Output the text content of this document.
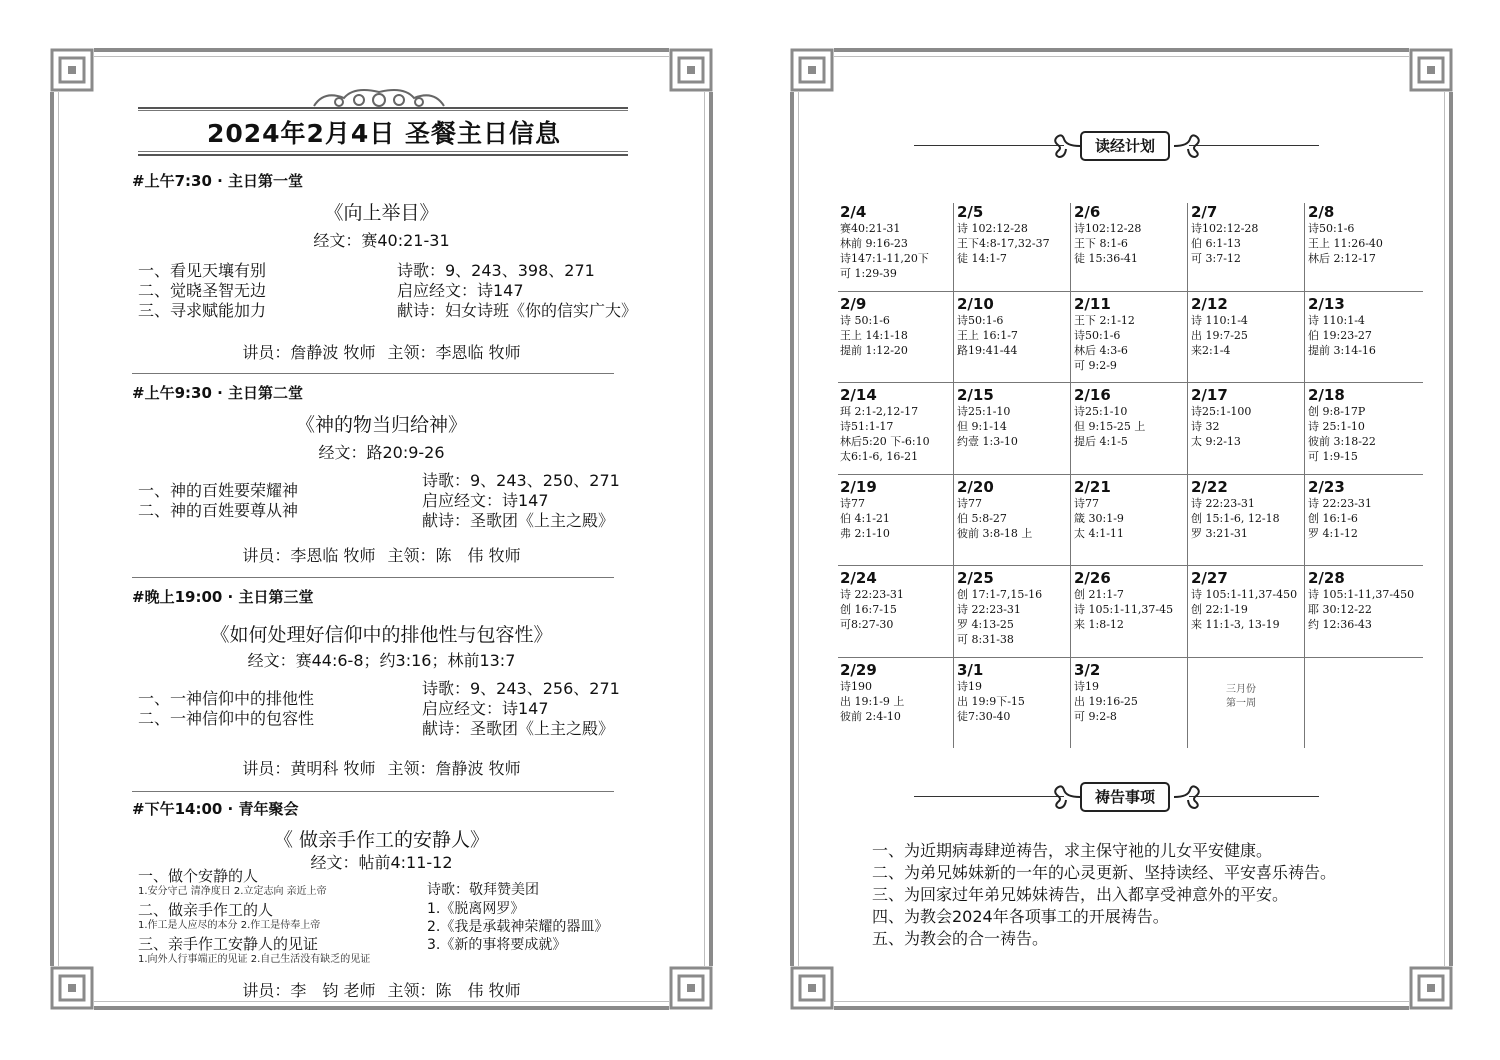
2024年2月4日 圣餐主日信息
#上午7:30 · 主日第一堂
《向上举目》
经文：赛40:21-31
一、看见天壤有别
二、觉晓圣智无边
三、寻求赋能加力
诗歌：9、243、398、271
启应经文：诗147
献诗：妇女诗班《你的信实广大》
讲员：詹静波 牧师 主领：李恩临 牧师
#上午9:30 · 主日第二堂
《神的物当归给神》
经文：路20:9-26
一、神的百姓要荣耀神
二、神的百姓要尊从神
诗歌：9、243、250、271
启应经文：诗147
献诗：圣歌团《上主之殿》
讲员：李恩临 牧师 主领：陈　伟 牧师
#晚上19:00 · 主日第三堂
《如何处理好信仰中的排他性与包容性》
经文：赛44:6-8；约3:16；林前13:7
一、一神信仰中的排他性
二、一神信仰中的包容性
诗歌：9、243、256、271
启应经文：诗147
献诗：圣歌团《上主之殿》
讲员：黄明科 牧师 主领：詹静波 牧师
#下午14:00 · 青年聚会
《 做亲手作工的安静人》
经文：帖前4:11-12
一、做个安静的人
1.安分守己 清净度日 2.立定志向 亲近上帝
二、做亲手作工的人
1.作工是人应尽的本分 2.作工是侍奉上帝
三、亲手作工安静人的见证
1.向外人行事端正的见证 2.自己生活没有缺乏的见证
诗歌：敬拜赞美团
1.《脱离网罗》
2.《我是承载神荣耀的器皿》
3.《新的事将要成就》
讲员：李　钧 老师 主领：陈　伟 牧师
读经计划
2/4
赛40:21-31
林前 9:16-23
诗147:1-11,20下
可 1:29-39
2/5
诗 102:12-28
王下4:8-17,32-37
徒 14:1-7
2/6
诗102:12-28
王下 8:1-6
徒 15:36-41
2/7
诗102:12-28
伯 6:1-13
可 3:7-12
2/8
诗50:1-6
王上 11:26-40
林后 2:12-17
2/9
诗 50:1-6
王上 14:1-18
提前 1:12-20
2/10
诗50:1-6
王上 16:1-7
路19:41-44
2/11
王下 2:1-12
诗50:1-6
林后 4:3-6
可 9:2-9
2/12
诗 110:1-4
出 19:7-25
来2:1-4
2/13
诗 110:1-4
伯 19:23-27
提前 3:14-16
2/14
珥 2:1-2,12-17
诗51:1-17
林后5:20 下-6:10
太6:1-6, 16-21
2/15
诗25:1-10
但 9:1-14
约壹 1:3-10
2/16
诗25:1-10
但 9:15-25 上
提后 4:1-5
2/17
诗25:1-100
诗 32
太 9:2-13
2/18
创 9:8-17P
诗 25:1-10
彼前 3:18-22
可 1:9-15
2/19
诗77
伯 4:1-21
弗 2:1-10
2/20
诗77
伯 5:8-27
彼前 3:8-18 上
2/21
诗77
箴 30:1-9
太 4:1-11
2/22
诗 22:23-31
创 15:1-6, 12-18
罗 3:21-31
2/23
诗 22:23-31
创 16:1-6
罗 4:1-12
2/24
诗 22:23-31
创 16:7-15
可8:27-30
2/25
创 17:1-7,15-16
诗 22:23-31
罗 4:13-25
可 8:31-38
2/26
创 21:1-7
诗 105:1-11,37-45
来 1:8-12
2/27
诗 105:1-11,37-450
创 22:1-19
来 11:1-3, 13-19
2/28
诗 105:1-11,37-450
耶 30:12-22
约 12:36-43
2/29
诗190
出 19:1-9 上
彼前 2:4-10
3/1
诗19
出 19:9下-15
徒7:30-40
3/2
诗19
出 19:16-25
可 9:2-8
三月份
第一周
祷告事项
一、为近期病毒肆逆祷告，求主保守祂的儿女平安健康。
二、为弟兄姊妹新的一年的心灵更新、坚持读经、平安喜乐祷告。
三、为回家过年弟兄姊妹祷告，出入都享受神意外的平安。
四、为教会2024年各项事工的开展祷告。
五、为教会的合一祷告。
